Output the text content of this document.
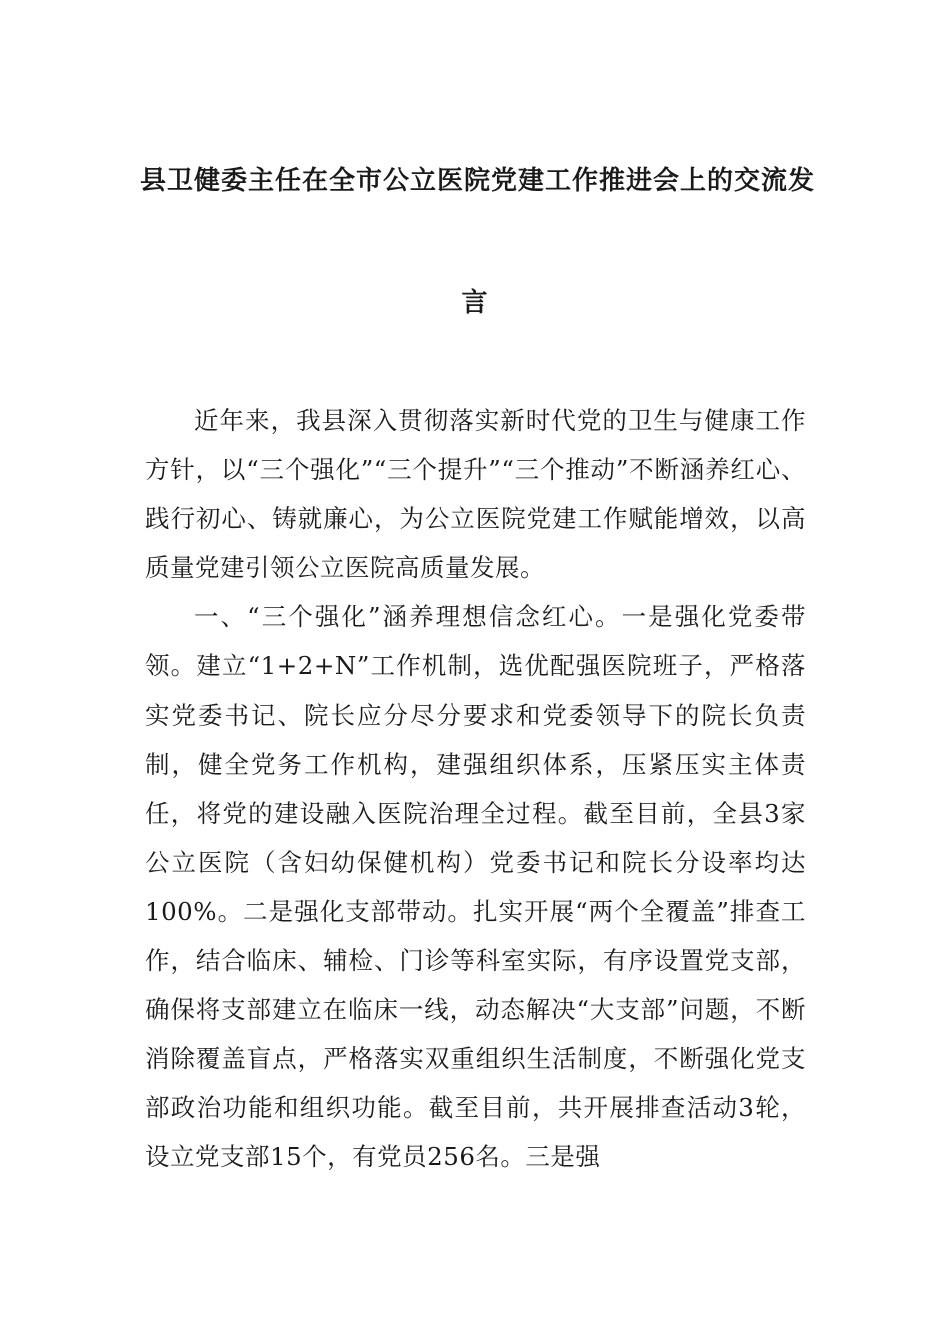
县卫健委主任在全市公立医院党建工作推进会上的交流发
言

近年来，我县深入贯彻落实新时代党的卫生与健康工作方针，以“三个强化”“三个提升”“三个推动”不断涵养红心、践行初心、铸就廉心，为公立医院党建工作赋能增效，以高质量党建引领公立医院高质量发展。

一、“三个强化”涵养理想信念红心。一是强化党委带领。建立“1+2+N”工作机制，选优配强医院班子，严格落实党委书记、院长应分尽分要求和党委领导下的院长负责制，健全党务工作机构，建强组织体系，压紧压实主体责任，将党的建设融入医院治理全过程。截至目前，全县3家公立医院（含妇幼保健机构）党委书记和院长分设率均达100%。二是强化支部带动。扎实开展“两个全覆盖”排查工作，结合临床、辅检、门诊等科室实际，有序设置党支部，确保将支部建立在临床一线，动态解决“大支部”问题，不断消除覆盖盲点，严格落实双重组织生活制度，不断强化党支部政治功能和组织功能。截至目前，共开展排查活动3轮，设立党支部15个，有党员256名。三是强
